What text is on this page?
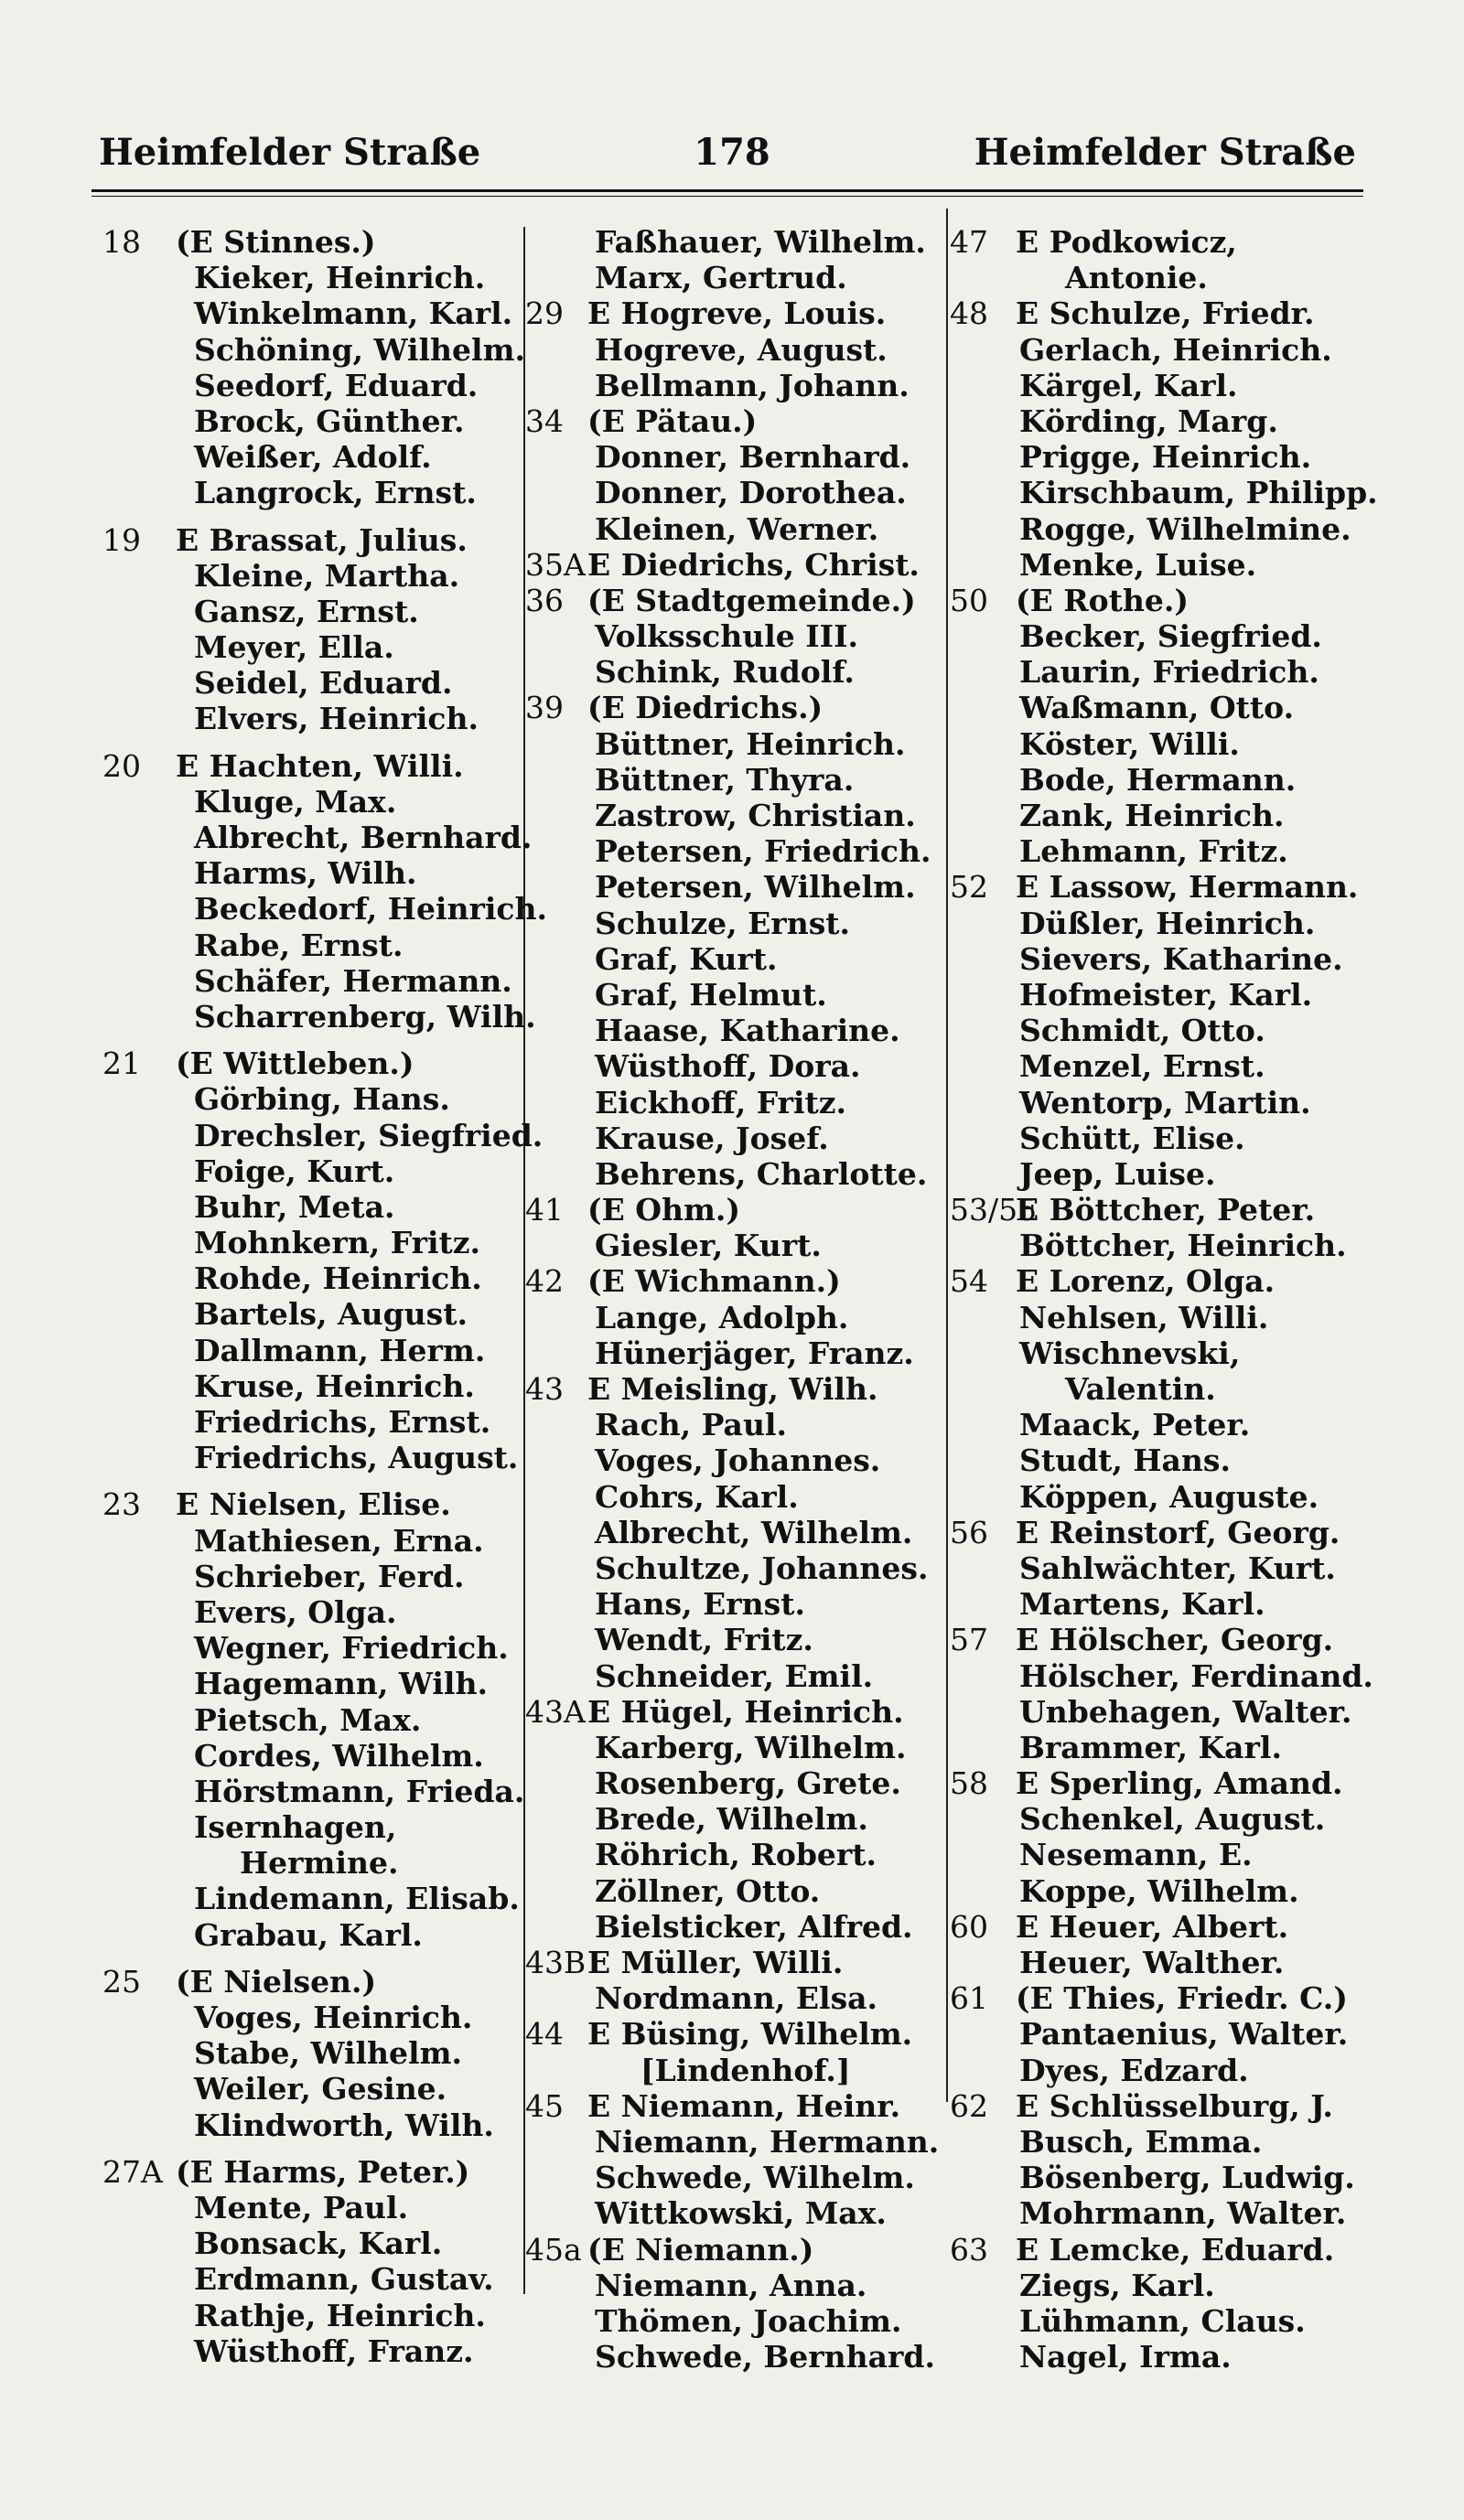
Heimfelder Straße	178	Heimfelder Straße
18 (E Stinnes.)
Kieker, Heinrich.
Winkelmann, Karl.
Schöning, Wilhelm.
Seedorf, Eduard.
Brock, Günther.
Weißer, Adolf.
Langrock, Ernst.
19 E Brassat, Julius.
Kleine, Martha.
Gansz, Ernst.
Meyer, Ella.
Seidel, Eduard.
Elvers, Heinrich.
20 E Hachten, Willi.
Kluge, Max.
Albrecht, Bernhard.
Harms, Wilh.
Beckedorf, Heinrich.
Rabe, Ernst.
Schäfer, Hermann.
Scharrenberg, Wilh.
21 (E Wittleben.)
Görbing, Hans.
Drechsler, Siegfried.
Foige, Kurt.
Buhr, Meta.
Mohnkern, Fritz.
Rohde, Heinrich.
Bartels, August.
Dallmann, Herm.
Kruse, Heinrich.
Friedrichs, Ernst.
Friedrichs, August.
23 E Nielsen, Elise.
Mathiesen, Erna.
Schrieber, Ferd.
Evers, Olga.
Wegner, Friedrich.
Hagemann, Wilh.
Pietsch, Max.
Cordes, Wilhelm.
Hörstmann, Frieda.
Isernhagen,
Hermine.
Lindemann, Elisab.
Grabau, Karl.
25 (E Nielsen.)
Voges, Heinrich.
Stabe, Wilhelm.
Weiler, Gesine.
Klindworth, Wilh.
27A (E Harms, Peter.)
Mente, Paul.
Bonsack, Karl.
Erdmann, Gustav.
Rathje, Heinrich.
Wüsthoff, Franz.
Faßhauer, Wilhelm.
Marx, Gertrud.
29 E Hogreve, Louis.
Hogreve, August.
Bellmann, Johann.
34 (E Pätau.)
Donner, Bernhard.
Donner, Dorothea.
Kleinen, Werner.
35A E Diedrichs, Christ.
36 (E Stadtgemeinde.)
Volksschule III.
Schink, Rudolf.
39 (E Diedrichs.)
Büttner, Heinrich.
Büttner, Thyra.
Zastrow, Christian.
Petersen, Friedrich.
Petersen, Wilhelm.
Schulze, Ernst.
Graf, Kurt.
Graf, Helmut.
Haase, Katharine.
Wüsthoff, Dora.
Eickhoff, Fritz.
Krause, Josef.
Behrens, Charlotte.
41 (E Ohm.)
Giesler, Kurt.
42 (E Wichmann.)
Lange, Adolph.
Hünerjäger, Franz.
43 E Meisling, Wilh.
Rach, Paul.
Voges, Johannes.
Cohrs, Karl.
Albrecht, Wilhelm.
Schultze, Johannes.
Hans, Ernst.
Wendt, Fritz.
Schneider, Emil.
43A E Hügel, Heinrich.
Karberg, Wilhelm.
Rosenberg, Grete.
Brede, Wilhelm.
Röhrich, Robert.
Zöllner, Otto.
Bielsticker, Alfred.
43B E Müller, Willi.
Nordmann, Elsa.
44 E Büsing, Wilhelm.
[Lindenhof.]
45 E Niemann, Heinr.
Niemann, Hermann.
Schwede, Wilhelm.
Wittkowski, Max.
45a (E Niemann.)
Niemann, Anna.
Thömen, Joachim.
Schwede, Bernhard.
47 E Podkowicz,
Antonie.
48 E Schulze, Friedr.
Gerlach, Heinrich.
Kärgel, Karl.
Körding, Marg.
Prigge, Heinrich.
Kirschbaum, Philipp.
Rogge, Wilhelmine.
Menke, Luise.
50 (E Rothe.)
Becker, Siegfried.
Laurin, Friedrich.
Waßmann, Otto.
Köster, Willi.
Bode, Hermann.
Zank, Heinrich.
Lehmann, Fritz.
52 E Lassow, Hermann.
Düßler, Heinrich.
Sievers, Katharine.
Hofmeister, Karl.
Schmidt, Otto.
Menzel, Ernst.
Wentorp, Martin.
Schütt, Elise.
Jeep, Luise.
53/55
E Böttcher, Peter.
Böttcher, Heinrich.
54 E Lorenz, Olga.
Nehlsen, Willi.
Wischnevski,
Valentin.
Maack, Peter.
Studt, Hans.
Köppen, Auguste.
56 E Reinstorf, Georg.
Sahlwächter, Kurt.
Martens, Karl.
57 E Hölscher, Georg.
Hölscher, Ferdinand.
Unbehagen, Walter.
Brammer, Karl.
58 E Sperling, Amand.
Schenkel, August.
Nesemann, E.
Koppe, Wilhelm.
60 E Heuer, Albert.
Heuer, Walther.
61 (E Thies, Friedr. C.)
Pantaenius, Walter.
Dyes, Edzard.
62 E Schlüsselburg, J.
Busch, Emma.
Bösenberg, Ludwig.
Mohrmann, Walter.
63 E Lemcke, Eduard.
Ziegs, Karl.
Lühmann, Claus.
Nagel, Irma.
